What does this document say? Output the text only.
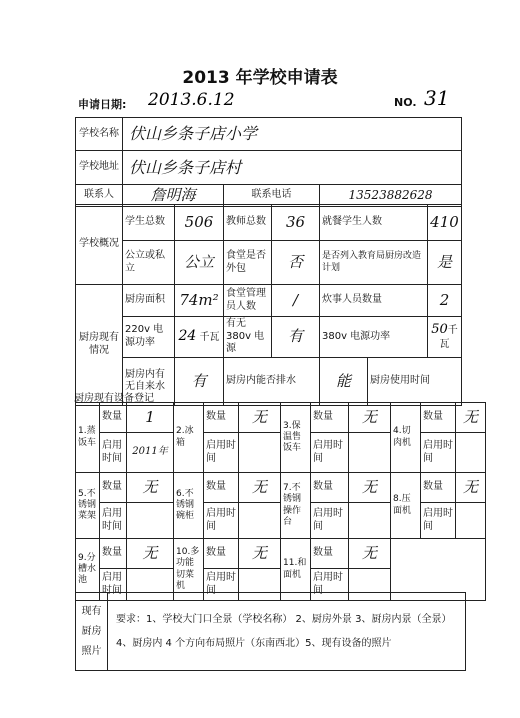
2013 年学校申请表
申请日期: 2013.6.12	NO. 31
学校名称	伏山乡条子店小学		
学校地址	伏山乡条子店村		
联系人	詹明海	联系电话	13523882628
学校概况	学生总数	506	教师总数	36	就餐学生人数		410	
	公立或私立	公立	食堂是否外包	否	是否列入教育局厨房改造计划		是	
厨房现有情况	厨房面积	74m²	食堂管理员人数	/	炊事人员数量		2	
	220v 电源功率	24 千瓦	有无 380v 电源	有	380v 电源功率		50千瓦	
	厨房内有无自来水	有	厨房内能否排水		能	厨房使用时间	
厨房现有设备登记
1.蒸饭车	数量	1	2.冰箱	数量	无	3.保温售饭车	数量	无	4.切肉机	数量	无
	启用时间	2011年		启用时间			启用时间			启用时间	
5.不锈钢菜架	数量	无	6.不锈钢碗柜	数量	无	7.不锈钢操作台	数量	无	8.压面机	数量	无
	启用时间			启用时间			启用时间			启用时间	
9.分槽水池	数量	无	10.多功能切菜机	数量	无	11.和面机	数量	无			
	启用时间			启用时间			启用时间				
现有厨房照片	
要求：1、学校大门口全景（学校名称） 2、厨房外景 3、厨房内景（全景）
4、厨房内 4 个方向布局照片（东南西北）5、现有设备的照片
